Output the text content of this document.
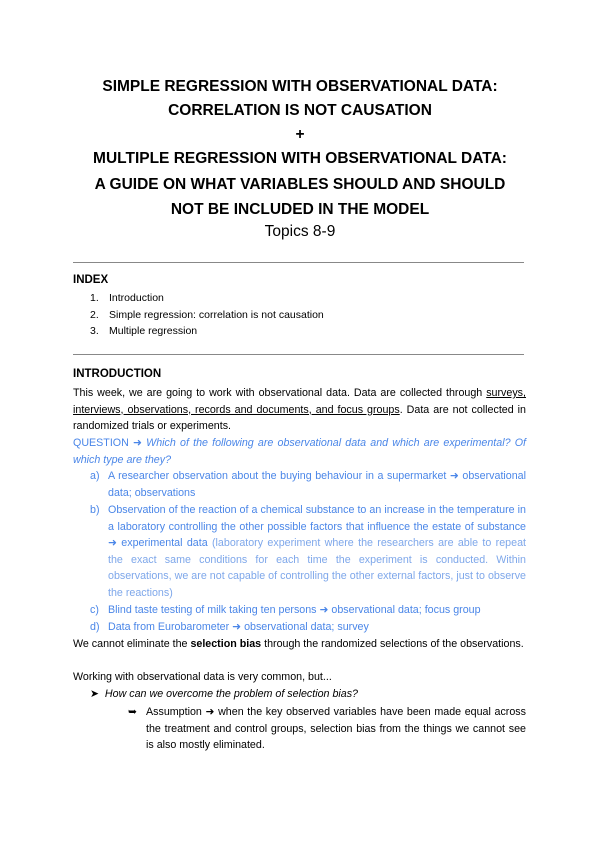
SIMPLE REGRESSION WITH OBSERVATIONAL DATA:
CORRELATION IS NOT CAUSATION
+
MULTIPLE REGRESSION WITH OBSERVATIONAL DATA:
A GUIDE ON WHAT VARIABLES SHOULD AND SHOULD
NOT BE INCLUDED IN THE MODEL
Topics 8-9
INDEX
1. Introduction
2. Simple regression: correlation is not causation
3. Multiple regression
INTRODUCTION
This week, we are going to work with observational data. Data are collected through surveys, interviews, observations, records and documents, and focus groups. Data are not collected in randomized trials or experiments.
QUESTION ➜ Which of the following are observational data and which are experimental? Of which type are they?
a) A researcher observation about the buying behaviour in a supermarket ➜ observational data; observations
b) Observation of the reaction of a chemical substance to an increase in the temperature in a laboratory controlling the other possible factors that influence the estate of substance ➜ experimental data (laboratory experiment where the researchers are able to repeat the exact same conditions for each time the experiment is conducted. Within observations, we are not capable of controlling the other external factors, just to observe the reactions)
c) Blind taste testing of milk taking ten persons ➜ observational data; focus group
d) Data from Eurobarometer ➜ observational data; survey
We cannot eliminate the selection bias through the randomized selections of the observations.
Working with observational data is very common, but...
➤ How can we overcome the problem of selection bias?
➥ Assumption ➜ when the key observed variables have been made equal across the treatment and control groups, selection bias from the things we cannot see is also mostly eliminated.
